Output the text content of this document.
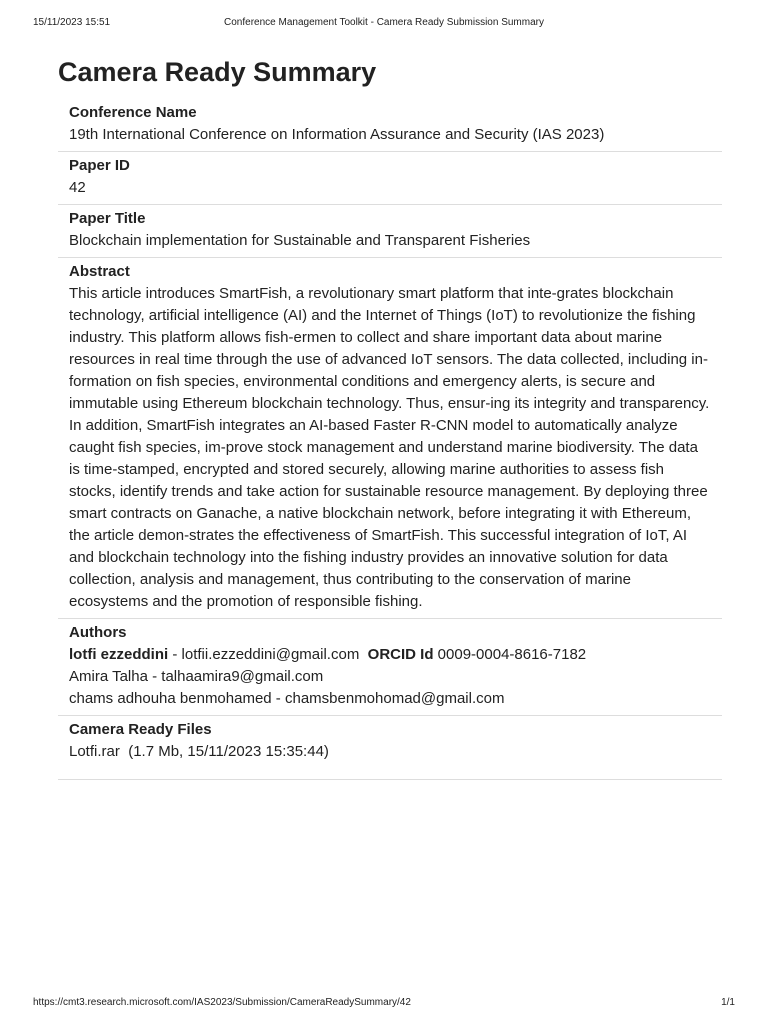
15/11/2023 15:51	Conference Management Toolkit - Camera Ready Submission Summary
Camera Ready Summary
Conference Name
19th International Conference on Information Assurance and Security (IAS 2023)
Paper ID
42
Paper Title
Blockchain implementation for Sustainable and Transparent Fisheries
Abstract
This article introduces SmartFish, a revolutionary smart platform that inte-grates blockchain technology, artificial intelligence (AI) and the Internet of Things (IoT) to revolutionize the fishing industry. This platform allows fish-ermen to collect and share important data about marine resources in real time through the use of advanced IoT sensors. The data collected, including in-formation on fish species, environmental conditions and emergency alerts, is secure and immutable using Ethereum blockchain technology. Thus, ensur-ing its integrity and transparency. In addition, SmartFish integrates an AI-based Faster R-CNN model to automatically analyze caught fish species, im-prove stock management and understand marine biodiversity. The data is time-stamped, encrypted and stored securely, allowing marine authorities to assess fish stocks, identify trends and take action for sustainable resource management. By deploying three smart contracts on Ganache, a native blockchain network, before integrating it with Ethereum, the article demon-strates the effectiveness of SmartFish. This successful integration of IoT, AI and blockchain technology into the fishing industry provides an innovative solution for data collection, analysis and management, thus contributing to the conservation of marine ecosystems and the promotion of responsible fishing.
Authors
lotfi ezzeddini - lotfii.ezzeddini@gmail.com ORCID Id 0009-0004-8616-7182
Amira Talha - talhaamira9@gmail.com
chams adhouha benmohamed - chamsbenmohomad@gmail.com
Camera Ready Files
Lotfi.rar (1.7 Mb, 15/11/2023 15:35:44)
https://cmt3.research.microsoft.com/IAS2023/Submission/CameraReadySummary/42	1/1
